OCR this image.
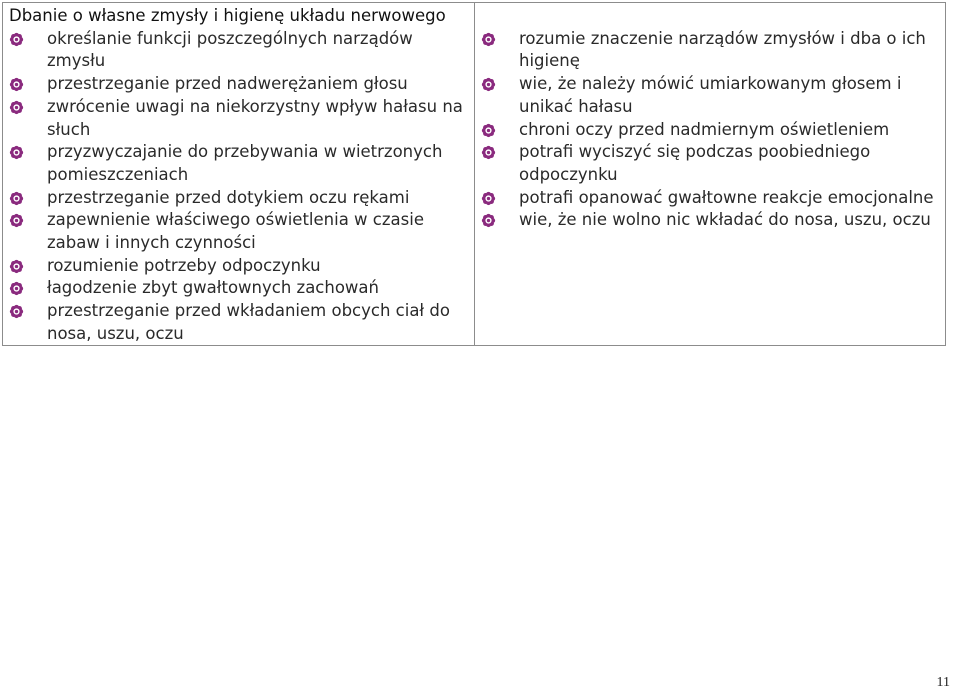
Dbanie o własne zmysły i higienę układu nerwowego
określanie funkcji poszczególnych narządów zmysłu
przestrzeganie przed nadwerężaniem głosu
zwrócenie uwagi na niekorzystny wpływ hałasu na słuch
przyzwyczajanie do przebywania w wietrzonych pomieszczeniach
przestrzeganie przed dotykiem oczu rękami
zapewnienie właściwego oświetlenia w czasie zabaw i innych czynności
rozumienie potrzeby odpoczynku
łagodzenie zbyt gwałtownych zachowań
przestrzeganie przed wkładaniem obcych ciał do nosa, uszu, oczu
rozumie znaczenie narządów zmysłów i dba o ich higienę
wie, że należy mówić umiarkowanym głosem i unikać hałasu
chroni oczy przed nadmiernym oświetleniem
potrafi wyciszyć się podczas poobiedniego odpoczynku
potrafi opanować gwałtowne reakcje emocjonalne
wie, że nie wolno nic wkładać do nosa, uszu, oczu
11
